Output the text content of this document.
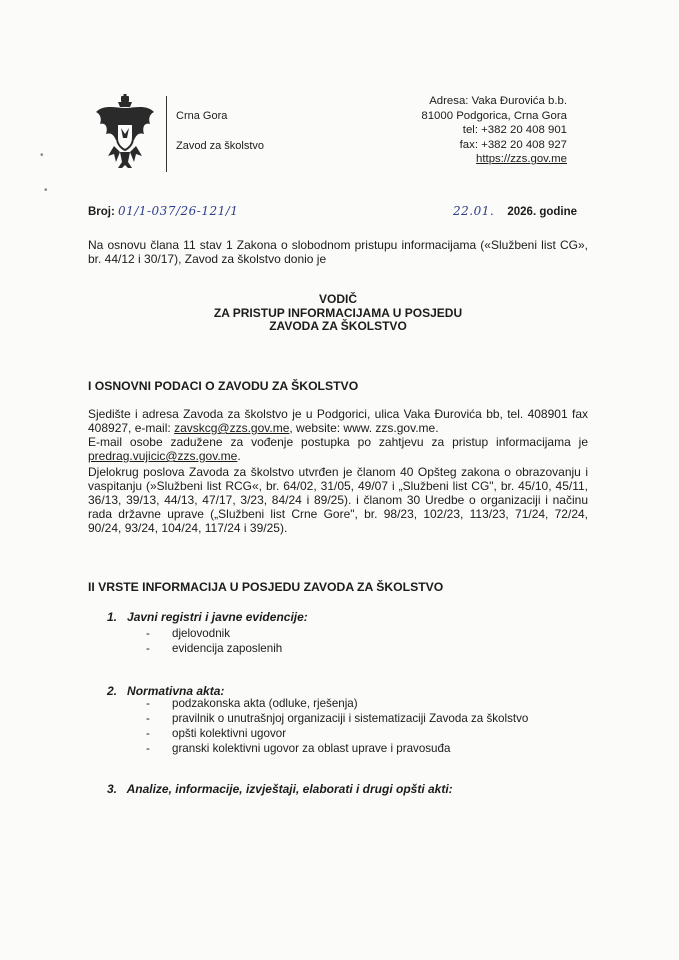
Crna Gora
Zavod za školstvo
Adresa: Vaka Đurovića b.b.
81000 Podgorica, Crna Gora
tel: +382 20 408 901
fax: +382 20 408 927
https://zzs.gov.me
Broj: 01/1-037/26-121/1	22.01. 2026. godine
Na osnovu člana 11 stav 1 Zakona o slobodnom pristupu informacijama («Službeni list CG», br. 44/12 i 30/17), Zavod za školstvo donio je
VODIČ
ZA PRISTUP INFORMACIJAMA U POSJEDU
ZAVODA ZA ŠKOLSTVO
I OSNOVNI PODACI O ZAVODU ZA ŠKOLSTVO
Sjedište i adresa Zavoda za školstvo je u Podgorici, ulica Vaka Đurovića bb, tel. 408901 fax 408927, e-mail: zavskcg@zzs.gov.me, website: www. zzs.gov.me.
E-mail osobe zadužene za vođenje postupka po zahtjevu za pristup informacijama je predrag.vujicic@zzs.gov.me.
Djelokrug poslova Zavoda za školstvo utvrđen je članom 40 Opšteg zakona o obrazovanju i vaspitanju (»Službeni list RCG«, br. 64/02, 31/05, 49/07 i „Službeni list CG", br. 45/10, 45/11, 36/13, 39/13, 44/13, 47/17, 3/23, 84/24 i 89/25). i članom 30 Uredbe o organizaciji i načinu rada državne uprave („Službeni list Crne Gore", br. 98/23, 102/23, 113/23, 71/24, 72/24, 90/24, 93/24, 104/24, 117/24 i 39/25).
II VRSTE INFORMACIJA U POSJEDU ZAVODA ZA ŠKOLSTVO
1. Javni registri i javne evidencije:
- djelovodnik
- evidencija zaposlenih
2. Normativna akta:
- podzakonska akta (odluke, rješenja)
- pravilnik o unutrašnjoj organizaciji i sistematizaciji Zavoda za školstvo
- opšti kolektivni ugovor
- granski kolektivni ugovor za oblast uprave i pravosuđa
3. Analize, informacije, izvještaji, elaborati i drugi opšti akti:
•
•
